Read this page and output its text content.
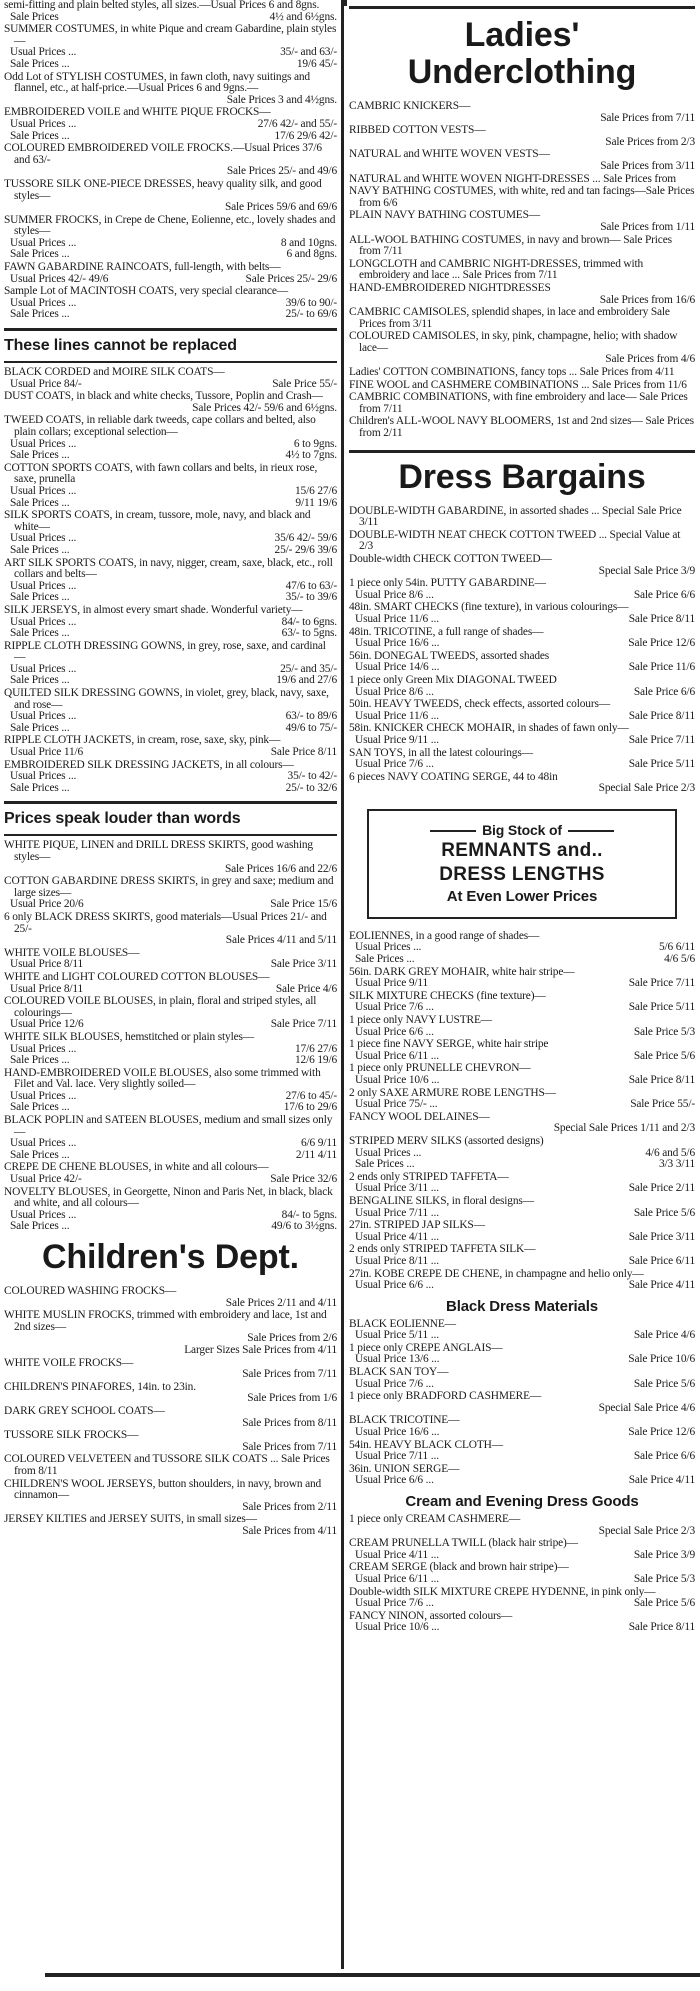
semi-fitting and plain belted styles, all sizes.—Usual Prices 6 and 8gns.
Sale Prices	4½ and 6½gns.
SUMMER COSTUMES, in white Pique and cream Gabardine, plain styles—
Usual Prices ...	35/- and 63/-
Sale Prices ...	19/6 45/-
Odd Lot of STYLISH COSTUMES, in fawn cloth, navy suitings and flannel, etc., at half-price.—Usual Prices 6 and 9gns.—
Sale Prices 3 and 4½gns.
EMBROIDERED VOILE and WHITE PIQUE FROCKS—
Usual Prices ...	27/6 42/- and 55/-
Sale Prices ...	17/6 29/6 42/-
COLOURED EMBROIDERED VOILE FROCKS.—Usual Prices 37/6 and 63/-
Sale Prices 25/- and 49/6
TUSSORE SILK ONE-PIECE DRESSES, heavy quality silk, and good styles—
Sale Prices 59/6 and 69/6
SUMMER FROCKS, in Crepe de Chene, Eolienne, etc., lovely shades and styles—
Usual Prices ...	8 and 10gns.
Sale Prices ...	6 and 8gns.
FAWN GABARDINE RAINCOATS, full-length, with belts—
Usual Prices 42/- 49/6	Sale Prices 25/- 29/6
Sample Lot of MACINTOSH COATS, very special clearance—
Usual Prices ...	39/6 to 90/-
Sale Prices ...	25/- to 69/6
These lines cannot be replaced
BLACK CORDED and MOIRE SILK COATS—
Usual Price 84/-	Sale Price 55/-
DUST COATS, in black and white checks, Tussore, Poplin and Crash—
Sale Prices 42/- 59/6 and 6½gns.
TWEED COATS, in reliable dark tweeds, cape collars and belted, also plain collars; exceptional selection—
Usual Prices ...	6 to 9gns.
Sale Prices ...	4½ to 7gns.
COTTON SPORTS COATS, with fawn collars and belts, in rieux rose, saxe, prunella
Usual Prices ...	15/6 27/6
Sale Prices ...	9/11 19/6
SILK SPORTS COATS, in cream, tussore, mole, navy, and black and white—
Usual Prices ...	35/6 42/- 59/6
Sale Prices ...	25/- 29/6 39/6
ART SILK SPORTS COATS, in navy, nigger, cream, saxe, black, etc., roll collars and belts—
Usual Prices ...	47/6 to 63/-
Sale Prices ...	35/- to 39/6
SILK JERSEYS, in almost every smart shade. Wonderful variety—
Usual Prices ...	84/- to 6gns.
Sale Prices ...	63/- to 5gns.
RIPPLE CLOTH DRESSING GOWNS, in grey, rose, saxe, and cardinal—
Usual Prices ...	25/- and 35/-
Sale Prices ...	19/6 and 27/6
QUILTED SILK DRESSING GOWNS, in violet, grey, black, navy, saxe, and rose—
Usual Prices ...	63/- to 89/6
Sale Prices ...	49/6 to 75/-
RIPPLE CLOTH JACKETS, in cream, rose, saxe, sky, pink—
Usual Price 11/6	Sale Price 8/11
EMBROIDERED SILK DRESSING JACKETS, in all colours—
Usual Prices ...	35/- to 42/-
Sale Prices ...	25/- to 32/6
Prices speak louder than words
WHITE PIQUE, LINEN and DRILL DRESS SKIRTS, good washing styles—
Sale Prices 16/6 and 22/6
COTTON GABARDINE DRESS SKIRTS, in grey and saxe; medium and large sizes—
Usual Price 20/6	Sale Price 15/6
6 only BLACK DRESS SKIRTS, good materials—Usual Prices 21/- and 25/-
Sale Prices 4/11 and 5/11
WHITE VOILE BLOUSES—
Usual Price 8/11	Sale Price 3/11
WHITE and LIGHT COLOURED COTTON BLOUSES—
Usual Price 8/11	Sale Price 4/6
COLOURED VOILE BLOUSES, in plain, floral and striped styles, all colourings—
Usual Price 12/6	Sale Price 7/11
WHITE SILK BLOUSES, hemstitched or plain styles—
Usual Prices ...	17/6 27/6
Sale Prices ...	12/6 19/6
HAND-EMBROIDERED VOILE BLOUSES, also some trimmed with Filet and Val. lace. Very slightly soiled—
Usual Prices ...	27/6 to 45/-
Sale Prices ...	17/6 to 29/6
BLACK POPLIN and SATEEN BLOUSES, medium and small sizes only—
Usual Prices ...	6/6 9/11
Sale Prices ...	2/11 4/11
CREPE DE CHENE BLOUSES, in white and all colours—
Usual Price 42/-	Sale Price 32/6
NOVELTY BLOUSES, in Georgette, Ninon and Paris Net, in black, black and white, and all colours—
Usual Prices ...	84/- to 5gns.
Sale Prices ...	49/6 to 3½gns.
Children's Dept.
COLOURED WASHING FROCKS—
Sale Prices 2/11 and 4/11
WHITE MUSLIN FROCKS, trimmed with embroidery and lace, 1st and 2nd sizes—
Sale Prices from 2/6
Larger Sizes Sale Prices from 4/11
WHITE VOILE FROCKS—
Sale Prices from 7/11
CHILDREN'S PINAFORES, 14in. to 23in.
Sale Prices from 1/6
DARK GREY SCHOOL COATS—
Sale Prices from 8/11
TUSSORE SILK FROCKS—
Sale Prices from 7/11
COLOURED VELVETEEN and TUSSORE SILK COATS ... Sale Prices from 8/11
CHILDREN'S WOOL JERSEYS, button shoulders, in navy, brown and cinnamon—
Sale Prices from 2/11
JERSEY KILTIES and JERSEY SUITS, in small sizes—
Sale Prices from 4/11
Ladies'
Underclothing
CAMBRIC KNICKERS—
Sale Prices from 7/11
RIBBED COTTON VESTS—
Sale Prices from 2/3
NATURAL and WHITE WOVEN VESTS—
Sale Prices from 3/11
NATURAL and WHITE WOVEN NIGHT-DRESSES ... Sale Prices from
NAVY BATHING COSTUMES, with white, red and tan facings—Sale Prices from 6/6
PLAIN NAVY BATHING COSTUMES—
Sale Prices from 1/11
ALL-WOOL BATHING COSTUMES, in navy and brown— Sale Prices from 7/11
LONGCLOTH and CAMBRIC NIGHT-DRESSES, trimmed with embroidery and lace ... Sale Prices from 7/11
HAND-EMBROIDERED NIGHTDRESSES
Sale Prices from 16/6
CAMBRIC CAMISOLES, splendid shapes, in lace and embroidery Sale Prices from 3/11
COLOURED CAMISOLES, in sky, pink, champagne, helio; with shadow lace—
Sale Prices from 4/6
Ladies' COTTON COMBINATIONS, fancy tops ... Sale Prices from 4/11
FINE WOOL and CASHMERE COMBINATIONS ... Sale Prices from 11/6
CAMBRIC COMBINATIONS, with fine embroidery and lace— Sale Prices from 7/11
Children's ALL-WOOL NAVY BLOOMERS, 1st and 2nd sizes— Sale Prices from 2/11
Dress Bargains
DOUBLE-WIDTH GABARDINE, in assorted shades ... Special Sale Price 3/11
DOUBLE-WIDTH NEAT CHECK COTTON TWEED ... Special Value at 2/3
Double-width CHECK COTTON TWEED—
Special Sale Price 3/9
1 piece only 54in. PUTTY GABARDINE—
Usual Price 8/6 ...	Sale Price 6/6
48in. SMART CHECKS (fine texture), in various colourings—
Usual Price 11/6 ...	Sale Price 8/11
48in. TRICOTINE, a full range of shades—
Usual Price 16/6 ...	Sale Price 12/6
56in. DONEGAL TWEEDS, assorted shades
Usual Price 14/6 ...	Sale Price 11/6
1 piece only Green Mix DIAGONAL TWEED
Usual Price 8/6 ...	Sale Price 6/6
50in. HEAVY TWEEDS, check effects, assorted colours—
Usual Price 11/6 ...	Sale Price 8/11
58in. KNICKER CHECK MOHAIR, in shades of fawn only—
Usual Price 9/11 ...	Sale Price 7/11
SAN TOYS, in all the latest colourings—
Usual Price 7/6 ...	Sale Price 5/11
6 pieces NAVY COATING SERGE, 44 to 48in
Special Sale Price 2/3
Big Stock of
REMNANTS and..
DRESS LENGTHS
At Even Lower Prices
EOLIENNES, in a good range of shades—
Usual Prices ...	5/6 6/11
Sale Prices ...	4/6 5/6
56in. DARK GREY MOHAIR, white hair stripe—
Usual Price 9/11	Sale Price 7/11
SILK MIXTURE CHECKS (fine texture)—
Usual Price 7/6 ...	Sale Price 5/11
1 piece only NAVY LUSTRE—
Usual Price 6/6 ...	Sale Price 5/3
1 piece fine NAVY SERGE, white hair stripe
Usual Price 6/11 ...	Sale Price 5/6
1 piece only PRUNELLE CHEVRON—
Usual Price 10/6 ...	Sale Price 8/11
2 only SAXE ARMURE ROBE LENGTHS—
Usual Price 75/- ...	Sale Price 55/-
FANCY WOOL DELAINES—
Special Sale Prices 1/11 and 2/3
STRIPED MERV SILKS (assorted designs)
Usual Prices ...	4/6 and 5/6
Sale Prices ...	3/3 3/11
2 ends only STRIPED TAFFETA—
Usual Price 3/11 ...	Sale Price 2/11
BENGALINE SILKS, in floral designs—
Usual Price 7/11 ...	Sale Price 5/6
27in. STRIPED JAP SILKS—
Usual Price 4/11 ...	Sale Price 3/11
2 ends only STRIPED TAFFETA SILK—
Usual Price 8/11 ...	Sale Price 6/11
27in. KOBE CREPE DE CHENE, in champagne and helio only—
Usual Price 6/6 ...	Sale Price 4/11
Black Dress Materials
BLACK EOLIENNE—
Usual Price 5/11 ...	Sale Price 4/6
1 piece only CREPE ANGLAIS—
Usual Price 13/6 ...	Sale Price 10/6
BLACK SAN TOY—
Usual Price 7/6 ...	Sale Price 5/6
1 piece only BRADFORD CASHMERE—
Special Sale Price 4/6
BLACK TRICOTINE—
Usual Price 16/6 ...	Sale Price 12/6
54in. HEAVY BLACK CLOTH—
Usual Price 7/11 ...	Sale Price 6/6
36in. UNION SERGE—
Usual Price 6/6 ...	Sale Price 4/11
Cream and Evening Dress Goods
1 piece only CREAM CASHMERE—
Special Sale Price 2/3
CREAM PRUNELLA TWILL (black hair stripe)—
Usual Price 4/11 ...	Sale Price 3/9
CREAM SERGE (black and brown hair stripe)—
Usual Price 6/11 ...	Sale Price 5/3
Double-width SILK MIXTURE CREPE HYDENNE, in pink only—
Usual Price 7/6 ...	Sale Price 5/6
FANCY NINON, assorted colours—
Usual Price 10/6 ...	Sale Price 8/11
